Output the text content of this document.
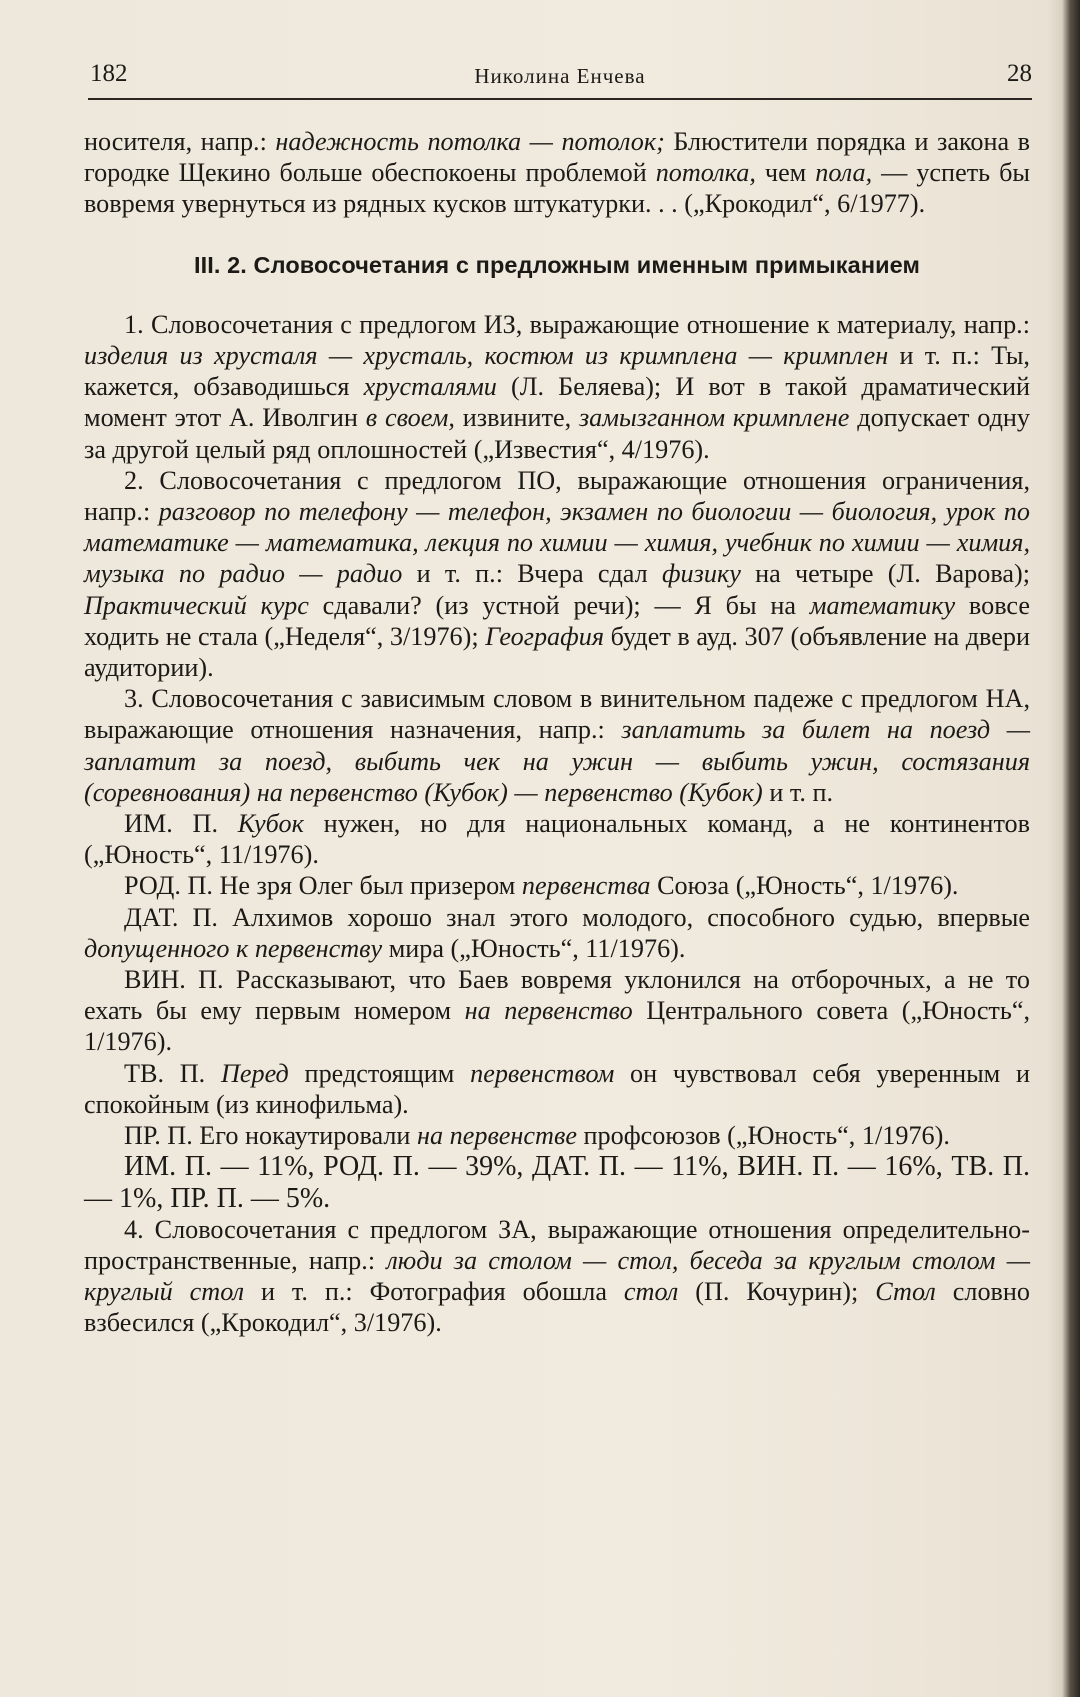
182	Николина Енчева	28

носителя, напр.: надежность потолка — потолок; Блюстители порядка и закона в городке Щекино больше обеспокоены проблемой потолка, чем пола, — успеть бы вовремя увернуться из рядных кусков штукатурки. . . („Крокодил“, 6/1977).

III. 2. Словосочетания с предложным именным примыканием

1. Словосочетания с предлогом ИЗ, выражающие отношение к материалу, напр.: изделия из хрусталя — хрусталь, костюм из кримплена — кримплен и т. п.: Ты, кажется, обзаводишься хрусталями (Л. Беляева); И вот в такой драматический момент этот А. Иволгин в своем, извините, замызганном кримплене допускает одну за другой целый ряд оплошностей („Известия“, 4/1976).

2. Словосочетания с предлогом ПО, выражающие отношения ограничения, напр.: разговор по телефону — телефон, экзамен по биологии — биология, урок по математике — математика, лекция по химии — химия, учебник по химии — химия, музыка по радио — радио и т. п.: Вчера сдал физику на четыре (Л. Варова); Практический курс сдавали? (из устной речи); — Я бы на математику вовсе ходить не стала („Неделя“, 3/1976); География будет в ауд. 307 (объявление на двери аудитории).

3. Словосочетания с зависимым словом в винительном падеже с предлогом НА, выражающие отношения назначения, напр.: заплатить за билет на поезд — заплатит за поезд, выбить чек на ужин — выбить ужин, состязания (соревнования) на первенство (Кубок) — первенство (Кубок) и т. п.

ИМ. П. Кубок нужен, но для национальных команд, а не континентов („Юность“, 11/1976).

РОД. П. Не зря Олег был призером первенства Союза („Юность“, 1/1976).

ДАТ. П. Алхимов хорошо знал этого молодого, способного судью, впервые допущенного к первенству мира („Юность“, 11/1976).

ВИН. П. Рассказывают, что Баев вовремя уклонился на отборочных, а не то ехать бы ему первым номером на первенство Центрального совета („Юность“, 1/1976).

ТВ. П. Перед предстоящим первенством он чувствовал себя уверенным и спокойным (из кинофильма).

ПР. П. Его нокаутировали на первенстве профсоюзов („Юность“, 1/1976).

ИМ. П. — 11%, РОД. П. — 39%, ДАТ. П. — 11%, ВИН. П. — 16%, ТВ. П. — 1%, ПР. П. — 5%.

4. Словосочетания с предлогом ЗА, выражающие отношения определительно-пространственные, напр.: люди за столом — стол, беседа за круглым столом — круглый стол и т. п.: Фотография обошла стол (П. Кочурин); Стол словно взбесился („Крокодил“, 3/1976).
